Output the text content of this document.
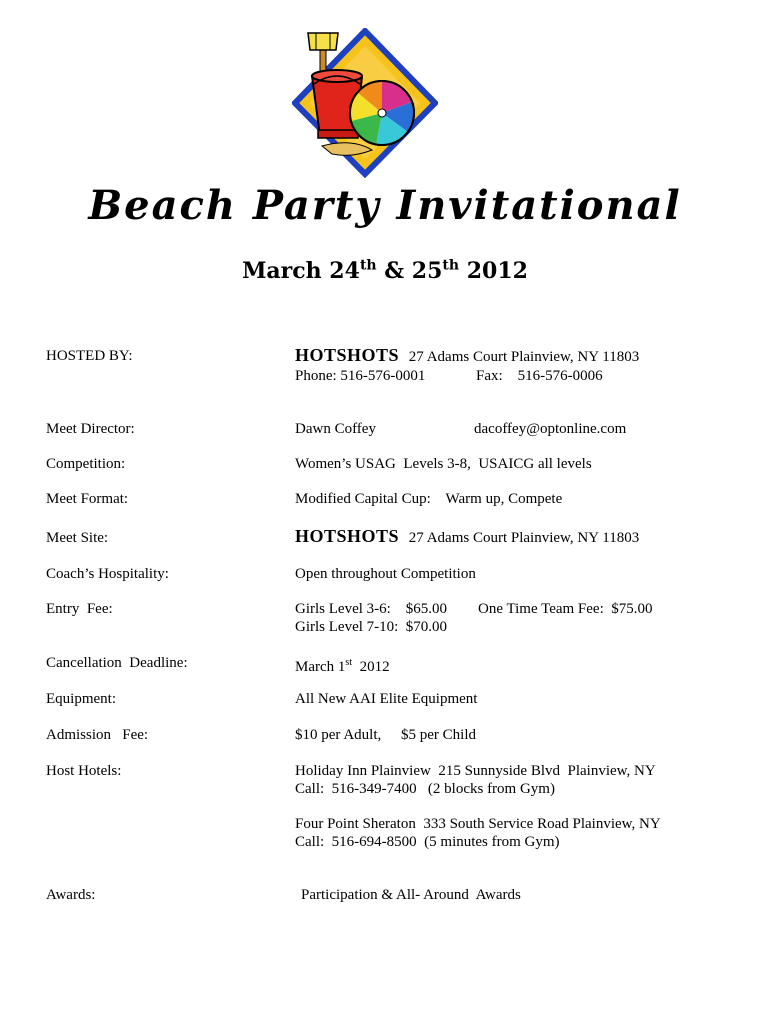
Beach Party Invitational
March 24th & 25th 2012
HOSTED BY:	HOTSHOTS 27 Adams Court Plainview, NY 11803
Phone: 516-576-0001	Fax:    516-576-0006
Meet Director:	Dawn Coffey	dacoffey@optonline.com
Competition:	Women’s USAG  Levels 3-8,  USAICG all levels
Meet Format:	Modified Capital Cup:    Warm up, Compete
Meet Site:	HOTSHOTS 27 Adams Court Plainview, NY 11803
Coach’s Hospitality:	Open throughout Competition
Entry  Fee:	Girls Level 3-6:    $65.00 One Time Team Fee:  $75.00
Girls Level 7-10:  $70.00
Cancellation  Deadline:	March 1st  2012
Equipment:	All New AAI Elite Equipment
Admission   Fee:	$10 per Adult, $5 per Child
Host Hotels:	Holiday Inn Plainview  215 Sunnyside Blvd  Plainview, NY
Call:  516-349-7400   (2 blocks from Gym)
Four Point Sheraton  333 South Service Road Plainview, NY
Call:  516-694-8500  (5 minutes from Gym)
Awards:	Participation & All- Around  Awards
